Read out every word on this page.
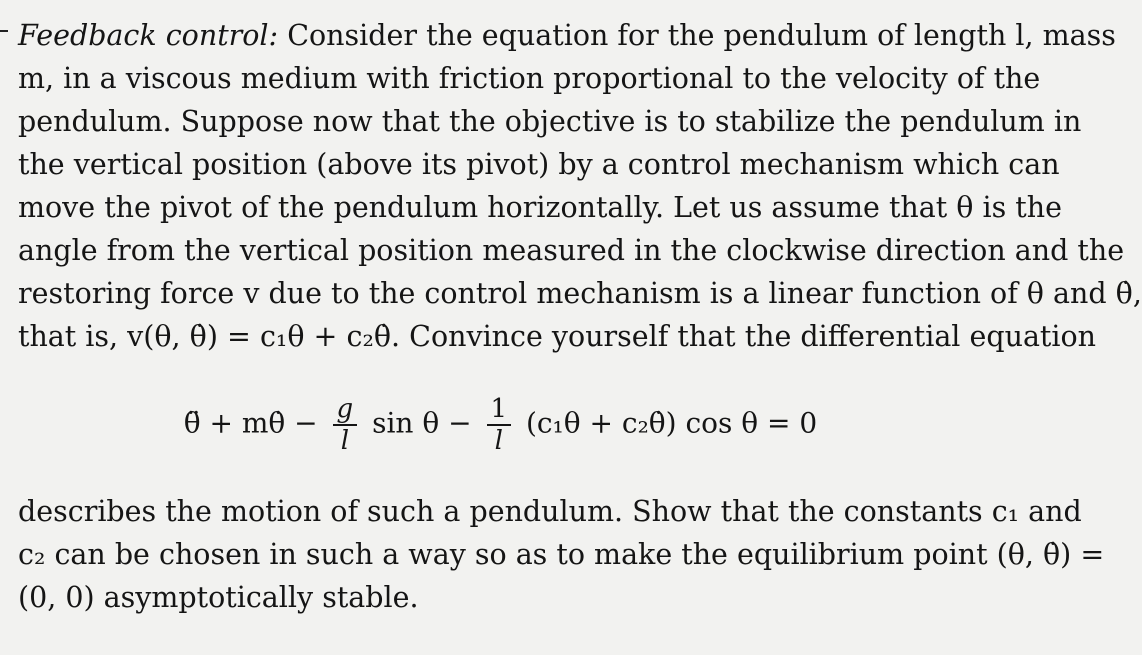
Feedback control: Consider the equation for the pendulum of length l, mass
m, in a viscous medium with friction proportional to the velocity of the
pendulum. Suppose now that the objective is to stabilize the pendulum in
the vertical position (above its pivot) by a control mechanism which can
move the pivot of the pendulum horizontally. Let us assume that θ is the
angle from the vertical position measured in the clockwise direction and the
restoring force v due to the control mechanism is a linear function of θ and θ̇,
that is, v(θ, θ̇) = c₁θ + c₂θ̇. Convince yourself that the differential equation
θ̈ + mθ̇ − $\frac{g}{l}$ $\sin \theta - \frac{1}{l} (c_1\theta$ + c₂θ̇) cos θ = 0
describes the motion of such a pendulum. Show that the constants c₁ and
c₂ can be chosen in such a way so as to make the equilibrium point (θ, θ̇) =
(0, 0) asymptotically stable.
